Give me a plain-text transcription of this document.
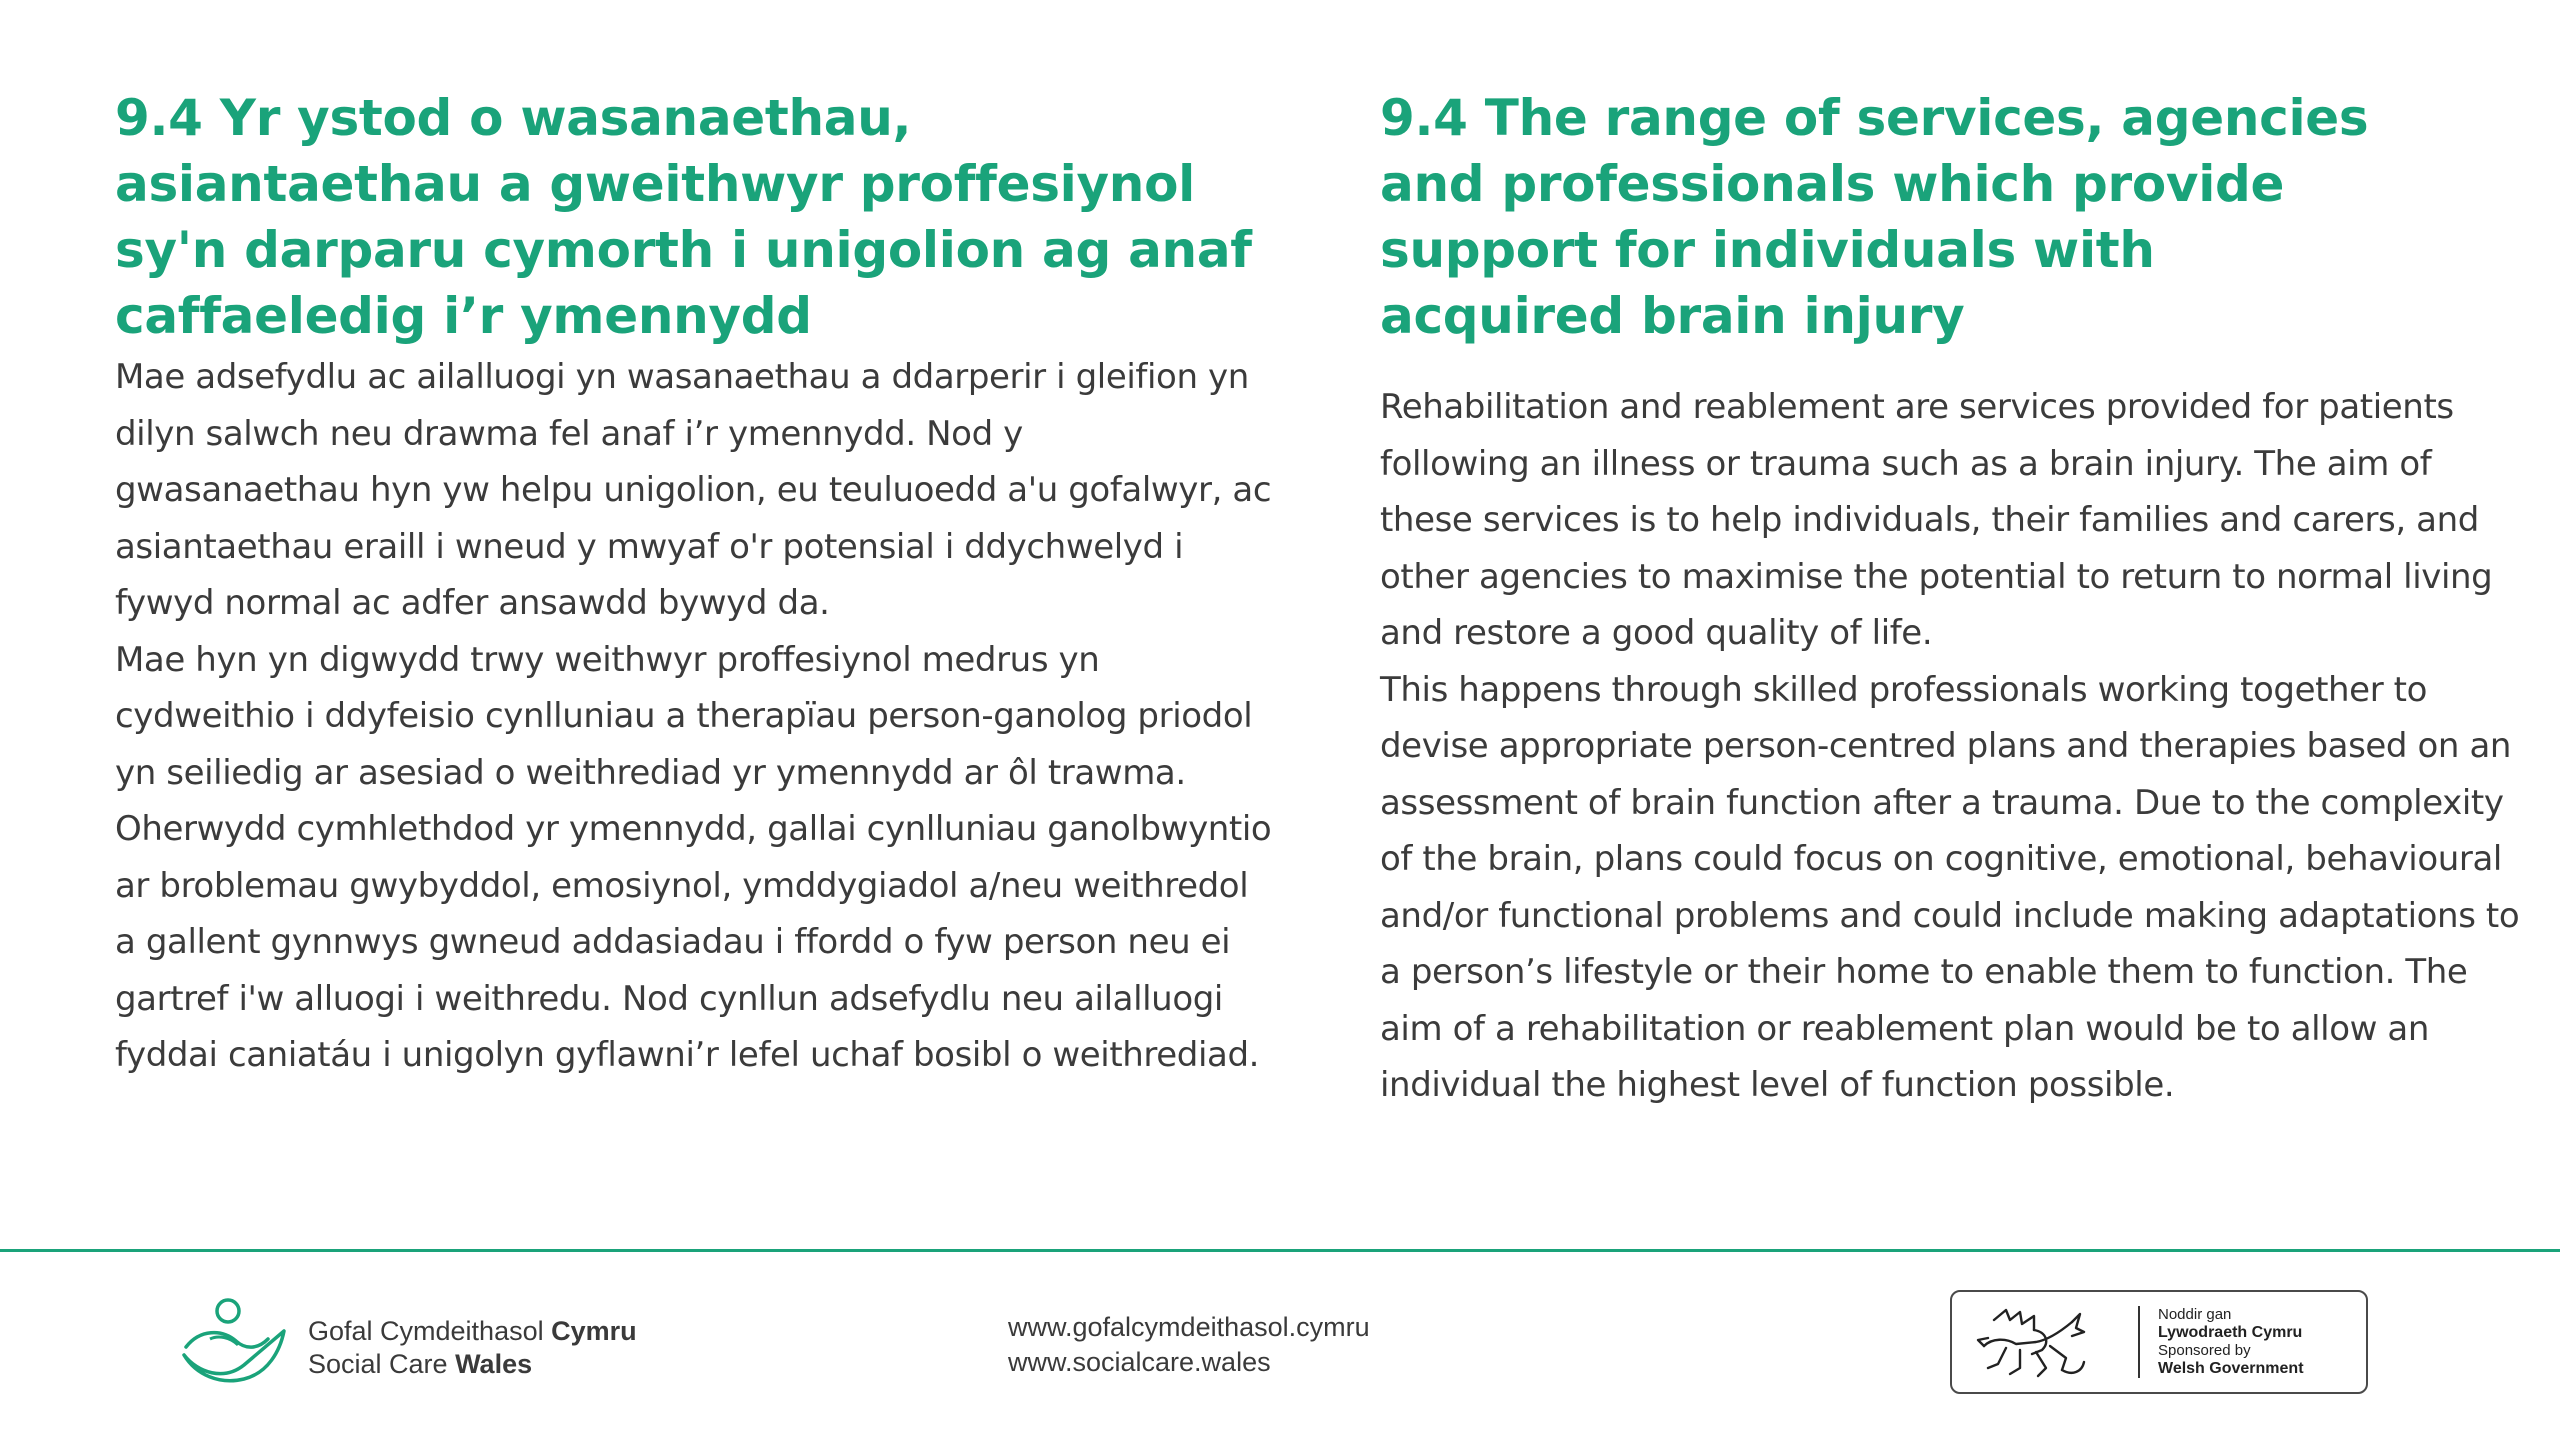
9.4 Yr ystod o wasanaethau, asiantaethau a gweithwyr proffesiynol sy'n darparu cymorth i unigolion ag anaf caffaeledig i’r ymennydd

Mae adsefydlu ac ailalluogi yn wasanaethau a ddarperir i gleifion yn dilyn salwch neu drawma fel anaf i’r ymennydd. Nod y gwasanaethau hyn yw helpu unigolion, eu teuluoedd a'u gofalwyr, ac asiantaethau eraill i wneud y mwyaf o'r potensial i ddychwelyd i fywyd normal ac adfer ansawdd bywyd da.

Mae hyn yn digwydd trwy weithwyr proffesiynol medrus yn cydweithio i ddyfeisio cynlluniau a therapïau person-ganolog priodol yn seiliedig ar asesiad o weithrediad yr ymennydd ar ôl trawma. Oherwydd cymhlethdod yr ymennydd, gallai cynlluniau ganolbwyntio ar broblemau gwybyddol, emosiynol, ymddygiadol a/neu weithredol a gallent gynnwys gwneud addasiadau i ffordd o fyw person neu ei gartref i'w alluogi i weithredu. Nod cynllun adsefydlu neu ailalluogi fyddai caniatáu i unigolyn gyflawni’r lefel uchaf bosibl o weithrediad.

9.4 The range of services, agencies and professionals which provide support for individuals with acquired brain injury

Rehabilitation and reablement are services provided for patients following an illness or trauma such as a brain injury. The aim of these services is to help individuals, their families and carers, and other agencies to maximise the potential to return to normal living and restore a good quality of life.

This happens through skilled professionals working together to devise appropriate person-centred plans and therapies based on an assessment of brain function after a trauma. Due to the complexity of the brain, plans could focus on cognitive, emotional, behavioural and/or functional problems and could include making adaptations to a person’s lifestyle or their home to enable them to function. The aim of a rehabilitation or reablement plan would be to allow an individual the highest level of function possible.

Gofal Cymdeithasol Cymru
Social Care Wales
www.gofalcymdeithasol.cymru
www.socialcare.wales
Noddir gan
Lywodraeth Cymru
Sponsored by
Welsh Government
